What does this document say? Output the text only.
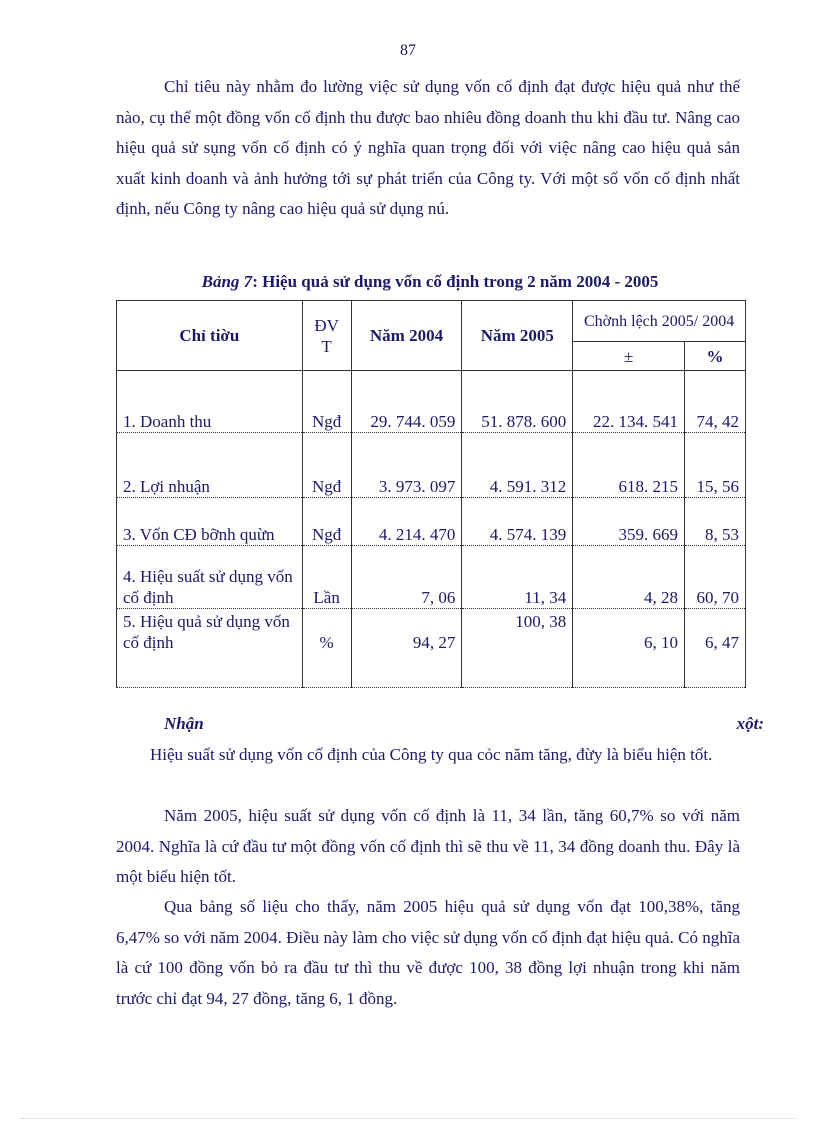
87

Chỉ tiêu này nhằm đo lường việc sử dụng vốn cố định đạt được hiệu quả như thế nào, cụ thể một đồng vốn cố định thu được bao nhiêu đồng doanh thu khi đầu tư. Nâng cao hiệu quả sử sụng vốn cố định có ý nghĩa quan trọng đối với việc nâng cao hiệu quả sản xuất kinh doanh và ảnh hưởng tới sự phát triển của Công ty. Với một số vốn cố định nhất định, nếu Công ty nâng cao hiệu quả sử dụng nú.

Bảng 7: Hiệu quả sử dụng vốn cố định trong 2 năm 2004 - 2005
Chỉ tiờu	ĐV T	Năm 2004	Năm 2005	Chờnh lệch 2005/ 2004	
				±	%
1. Doanh thu	Ngđ	29. 744. 059	51. 878. 600	22. 134. 541	74, 42
2. Lợi nhuận	Ngđ	3. 973. 097	4. 591. 312	618. 215	15, 56
3. Vốn CĐ bỡnh quừn	Ngđ	4. 214. 470	4. 574. 139	359. 669	8, 53
4. Hiệu suất sử dụng vốn cố định	Lần	7, 06	11, 34	4, 28	60, 70
5. Hiệu quả sử dụng vốn cố định	%	94, 27	100, 38	6, 10	6, 47
Nhận	xột:

Hiệu suất sử dụng vốn cố định của Công ty qua cỏc năm tăng, đừy là biểu hiện tốt.

Năm 2005, hiệu suất sử dụng vốn cố định là 11, 34 lần, tăng 60,7% so với năm 2004. Nghĩa là cứ đầu tư một đồng vốn cố định thì sẽ thu về 11, 34 đồng doanh thu. Đây là một biểu hiện tốt.

Qua bảng số liệu cho thấy, năm 2005 hiệu quả sử dụng vốn đạt 100,38%, tăng 6,47% so với năm 2004. Điều này làm cho việc sử dụng vốn cố định đạt hiệu quả. Có nghĩa là cứ 100 đồng vốn bỏ ra đầu tư thì thu về được 100, 38 đồng lợi nhuận trong khi năm trước chỉ đạt 94, 27 đồng, tăng 6, 1 đồng.
